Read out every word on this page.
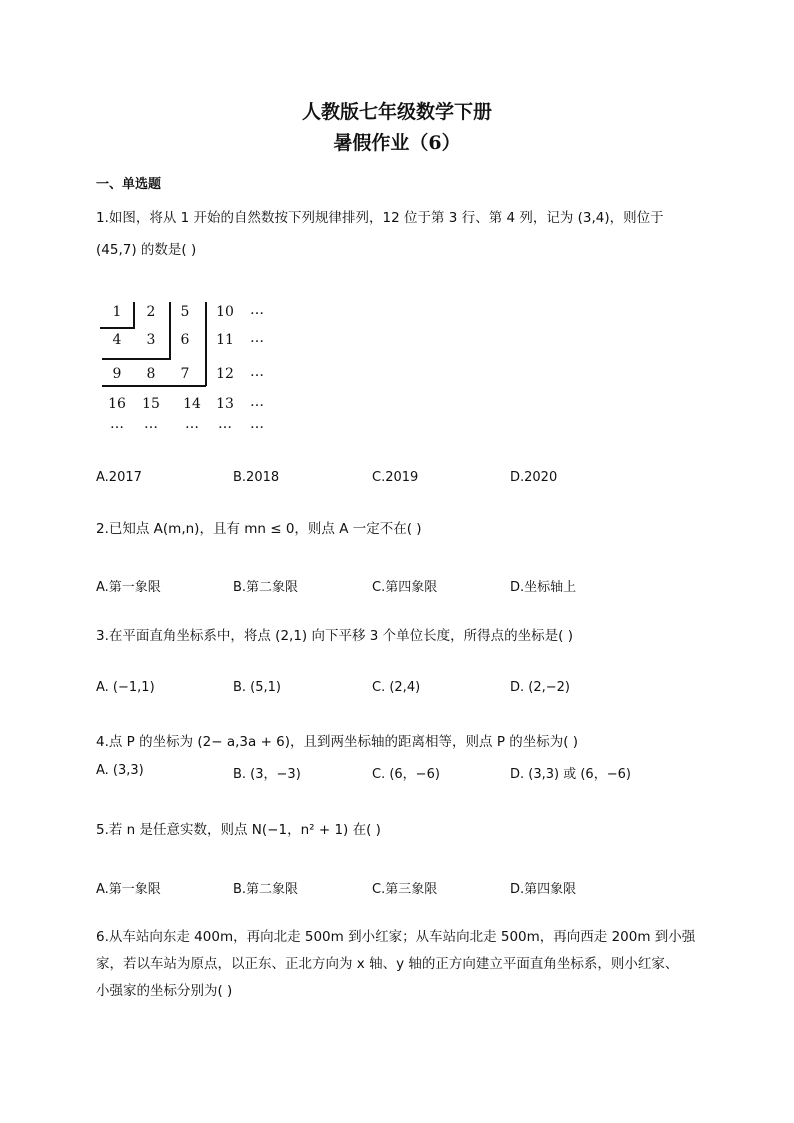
人教版七年级数学下册
暑假作业（6）
一、单选题
1.如图，将从 1 开始的自然数按下列规律排列，12 位于第 3 行、第 4 列，记为 (3,4)，则位于
(45,7) 的数是( )
1	2	5	10	…
4	3	6	11	…
9	8	7	12	…
16	15	14	13	…
…	…	…	…	…
A.2017	B.2018	C.2019	D.2020
2.已知点 A(m,n)，且有 mn ≤ 0，则点 A 一定不在( )
A.第一象限	B.第二象限	C.第四象限	D.坐标轴上
3.在平面直角坐标系中，将点 (2,1) 向下平移 3 个单位长度，所得点的坐标是( )
A. (−1,1)	B. (5,1)	C. (2,4)	D. (2,−2)
4.点 P 的坐标为 (2− a,3a + 6)，且到两坐标轴的距离相等，则点 P 的坐标为( )
A. (3,3)	B. (3，−3)	C. (6，−6)	D. (3,3) 或 (6，−6)
5.若 n 是任意实数，则点 N(−1，n² + 1) 在( )
A.第一象限	B.第二象限	C.第三象限	D.第四象限
6.从车站向东走 400m，再向北走 500m 到小红家；从车站向北走 500m，再向西走 200m 到小强
家，若以车站为原点，以正东、正北方向为 x 轴、y 轴的正方向建立平面直角坐标系，则小红家、
小强家的坐标分别为( )
